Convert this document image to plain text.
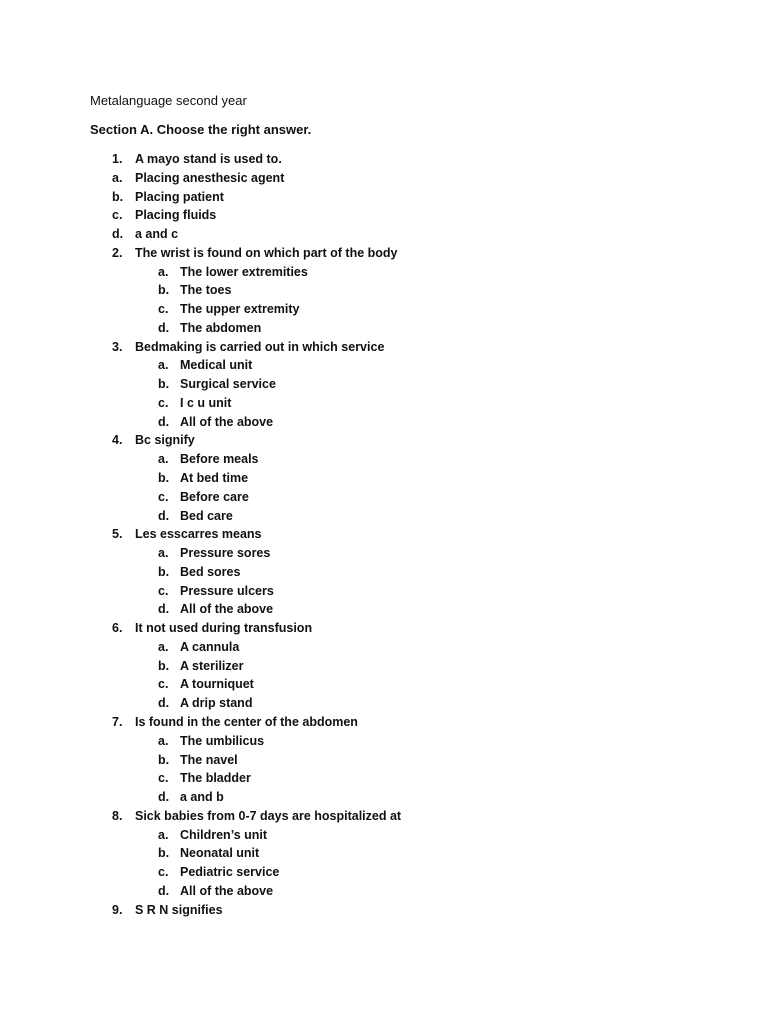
Metalanguage second year
Section A. Choose the right answer.
1. A mayo stand is used to.
a. Placing anesthesic agent
b. Placing patient
c. Placing fluids
d. a and c
2. The wrist is found on which part of the body
a. The lower extremities
b. The toes
c. The upper extremity
d. The abdomen
3. Bedmaking is carried out in which service
a. Medical unit
b. Surgical service
c. I c u unit
d. All of the above
4. Bc signify
a. Before meals
b. At bed time
c. Before care
d. Bed care
5. Les esscarres means
a. Pressure sores
b. Bed sores
c. Pressure ulcers
d. All of the above
6. It not used during transfusion
a. A cannula
b. A sterilizer
c. A tourniquet
d. A drip stand
7. Is found in the center of the abdomen
a. The umbilicus
b. The navel
c. The bladder
d. a and b
8. Sick babies from 0-7 days are hospitalized at
a. Children’s unit
b. Neonatal unit
c. Pediatric service
d. All of the above
9. S R N signifies
